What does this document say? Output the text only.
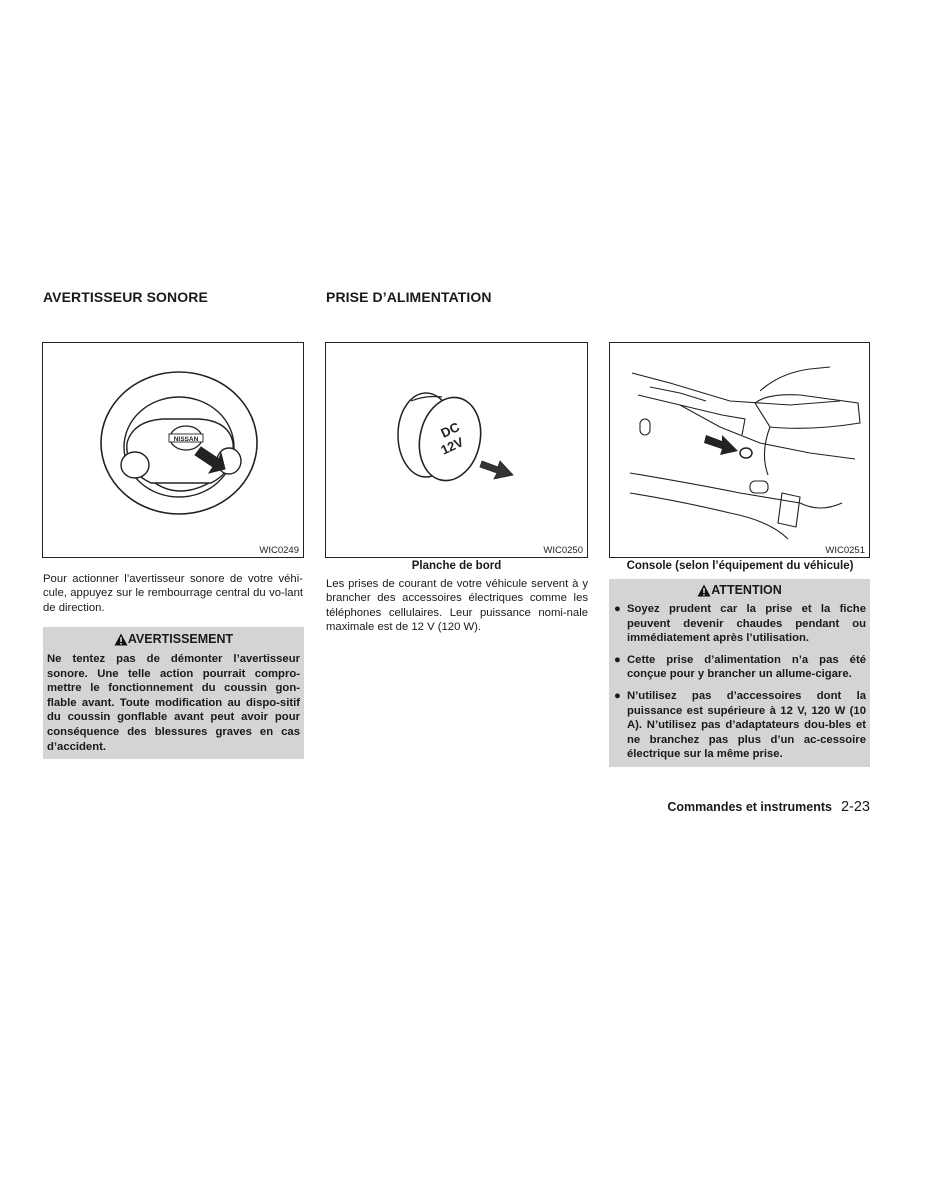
AVERTISSEUR SONORE
NISSAN
WIC0249
Pour actionner l’avertisseur sonore de votre véhi-cule, appuyez sur le rembourrage central du vo-lant de direction.
AVERTISSEMENT
Ne tentez pas de démonter l’avertisseur sonore. Une telle action pourrait compro-mettre le fonctionnement du coussin gon-flable avant. Toute modification au dispo-sitif du coussin gonflable avant peut avoir pour conséquence des blessures graves en cas d’accident.
PRISE D’ALIMENTATION
DC
12V
WIC0250
Planche de bord
Les prises de courant de votre véhicule servent à y brancher des accessoires électriques comme les téléphones cellulaires. Leur puissance nomi-nale maximale est de 12 V (120 W).
WIC0251
Console (selon l’équipement du véhicule)
ATTENTION
● Soyez prudent car la prise et la fiche peuvent devenir chaudes pendant ou immédiatement après l’utilisation.
● Cette prise d’alimentation n’a pas été conçue pour y brancher un allume-cigare.
● N’utilisez pas d’accessoires dont la puissance est supérieure à 12 V, 120 W (10 A). N’utilisez pas d’adaptateurs dou-bles et ne branchez pas plus d’un ac-cessoire électrique sur la même prise.
Commandes et instruments 2-23
